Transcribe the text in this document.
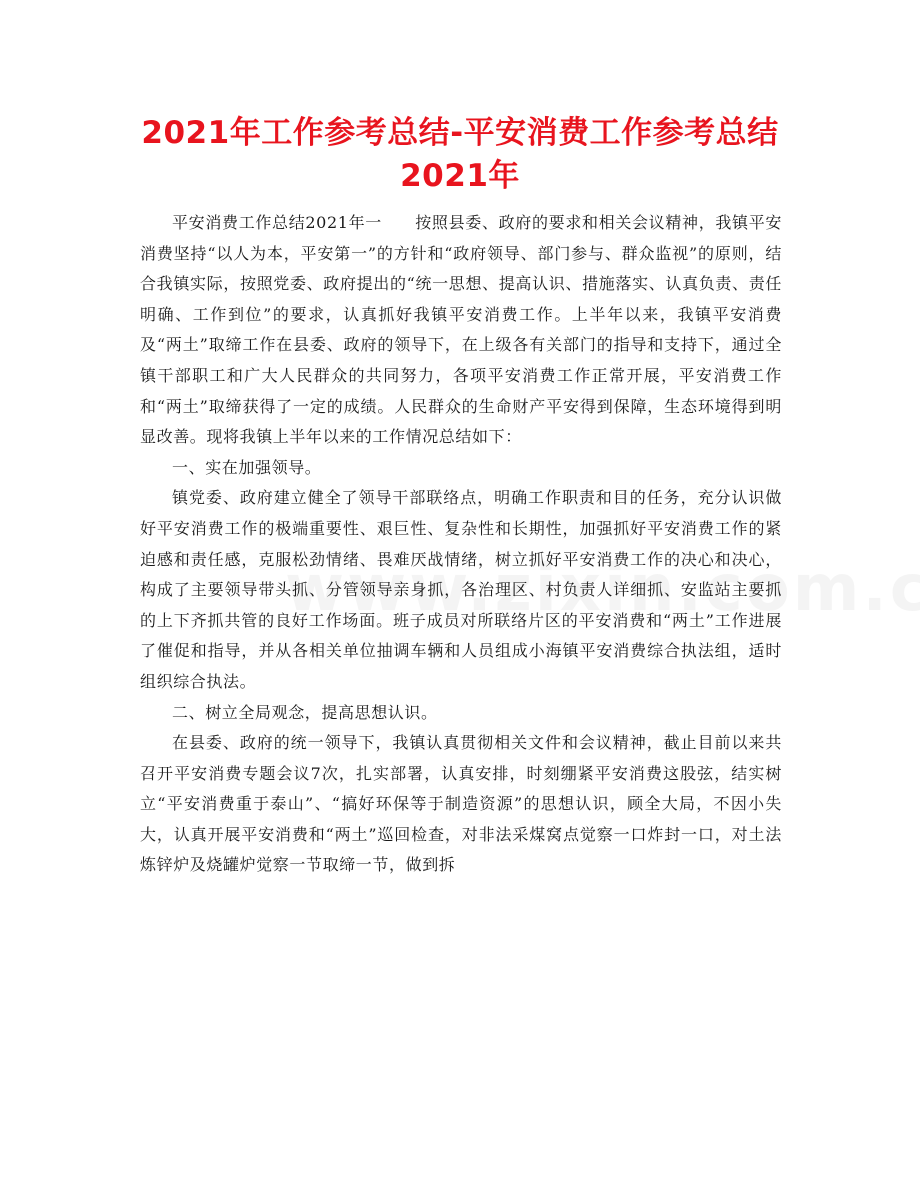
2021年工作参考总结-平安消费工作参考总结2021年

平安消费工作总结2021年一　　按照县委、政府的要求和相关会议精神，我镇平安消费坚持“以人为本，平安第一”的方针和“政府领导、部门参与、群众监视”的原则，结合我镇实际，按照党委、政府提出的“统一思想、提高认识、措施落实、认真负责、责任明确、工作到位”的要求，认真抓好我镇平安消费工作。上半年以来，我镇平安消费及“两土”取缔工作在县委、政府的领导下，在上级各有关部门的指导和支持下，通过全镇干部职工和广大人民群众的共同努力，各项平安消费工作正常开展，平安消费工作和“两土”取缔获得了一定的成绩。人民群众的生命财产平安得到保障，生态环境得到明显改善。现将我镇上半年以来的工作情况总结如下：

一、实在加强领导。

镇党委、政府建立健全了领导干部联络点，明确工作职责和目的任务，充分认识做好平安消费工作的极端重要性、艰巨性、复杂性和长期性，加强抓好平安消费工作的紧迫感和责任感，克服松劲情绪、畏难厌战情绪，树立抓好平安消费工作的决心和决心，构成了主要领导带头抓、分管领导亲身抓，各治理区、村负责人详细抓、安监站主要抓的上下齐抓共管的良好工作场面。班子成员对所联络片区的平安消费和“两土”工作进展了催促和指导，并从各相关单位抽调车辆和人员组成小海镇平安消费综合执法组，适时组织综合执法。

二、树立全局观念，提高思想认识。

在县委、政府的统一领导下，我镇认真贯彻相关文件和会议精神，截止目前以来共召开平安消费专题会议7次，扎实部署，认真安排，时刻绷紧平安消费这股弦，结实树立“平安消费重于泰山”、“搞好环保等于制造资源”的思想认识，顾全大局，不因小失大，认真开展平安消费和“两土”巡回检查，对非法采煤窝点觉察一口炸封一口，对土法炼锌炉及烧罐炉觉察一节取缔一节，做到拆
